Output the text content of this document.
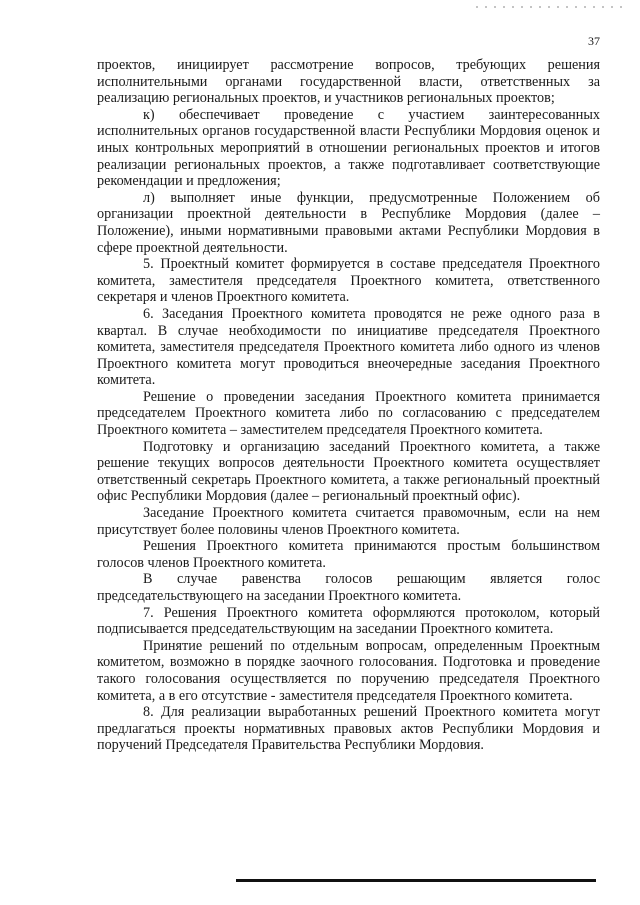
37

проектов, инициирует рассмотрение вопросов, требующих решения исполнительными органами государственной власти, ответственных за реализацию региональных проектов, и участников региональных проектов;

к) обеспечивает проведение с участием заинтересованных исполнительных органов государственной власти Республики Мордовия оценок и иных контрольных мероприятий в отношении региональных проектов и итогов реализации региональных проектов, а также подготавливает соответствующие рекомендации и предложения;

л) выполняет иные функции, предусмотренные Положением об организации проектной деятельности в Республике Мордовия (далее – Положение), иными нормативными правовыми актами Республики Мордовия в сфере проектной деятельности.

5. Проектный комитет формируется в составе председателя Проектного комитета, заместителя председателя Проектного комитета, ответственного секретаря и членов Проектного комитета.

6. Заседания Проектного комитета проводятся не реже одного раза в квартал. В случае необходимости по инициативе председателя Проектного комитета, заместителя председателя Проектного комитета либо одного из членов Проектного комитета могут проводиться внеочередные заседания Проектного комитета.

Решение о проведении заседания Проектного комитета принимается председателем Проектного комитета либо по согласованию с председателем Проектного комитета – заместителем председателя Проектного комитета.

Подготовку и организацию заседаний Проектного комитета, а также решение текущих вопросов деятельности Проектного комитета осуществляет ответственный секретарь Проектного комитета, а также региональный проектный офис Республики Мордовия (далее – региональный проектный офис).

Заседание Проектного комитета считается правомочным, если на нем присутствует более половины членов Проектного комитета.

Решения Проектного комитета принимаются простым большинством голосов членов Проектного комитета.

В случае равенства голосов решающим является голос председательствующего на заседании Проектного комитета.

7. Решения Проектного комитета оформляются протоколом, который подписывается председательствующим на заседании Проектного комитета.

Принятие решений по отдельным вопросам, определенным Проектным комитетом, возможно в порядке заочного голосования. Подготовка и проведение такого голосования осуществляется по поручению председателя Проектного комитета, а в его отсутствие - заместителя председателя Проектного комитета.

8. Для реализации выработанных решений Проектного комитета могут предлагаться проекты нормативных правовых актов Республики Мордовия и поручений Председателя Правительства Республики Мордовия.
